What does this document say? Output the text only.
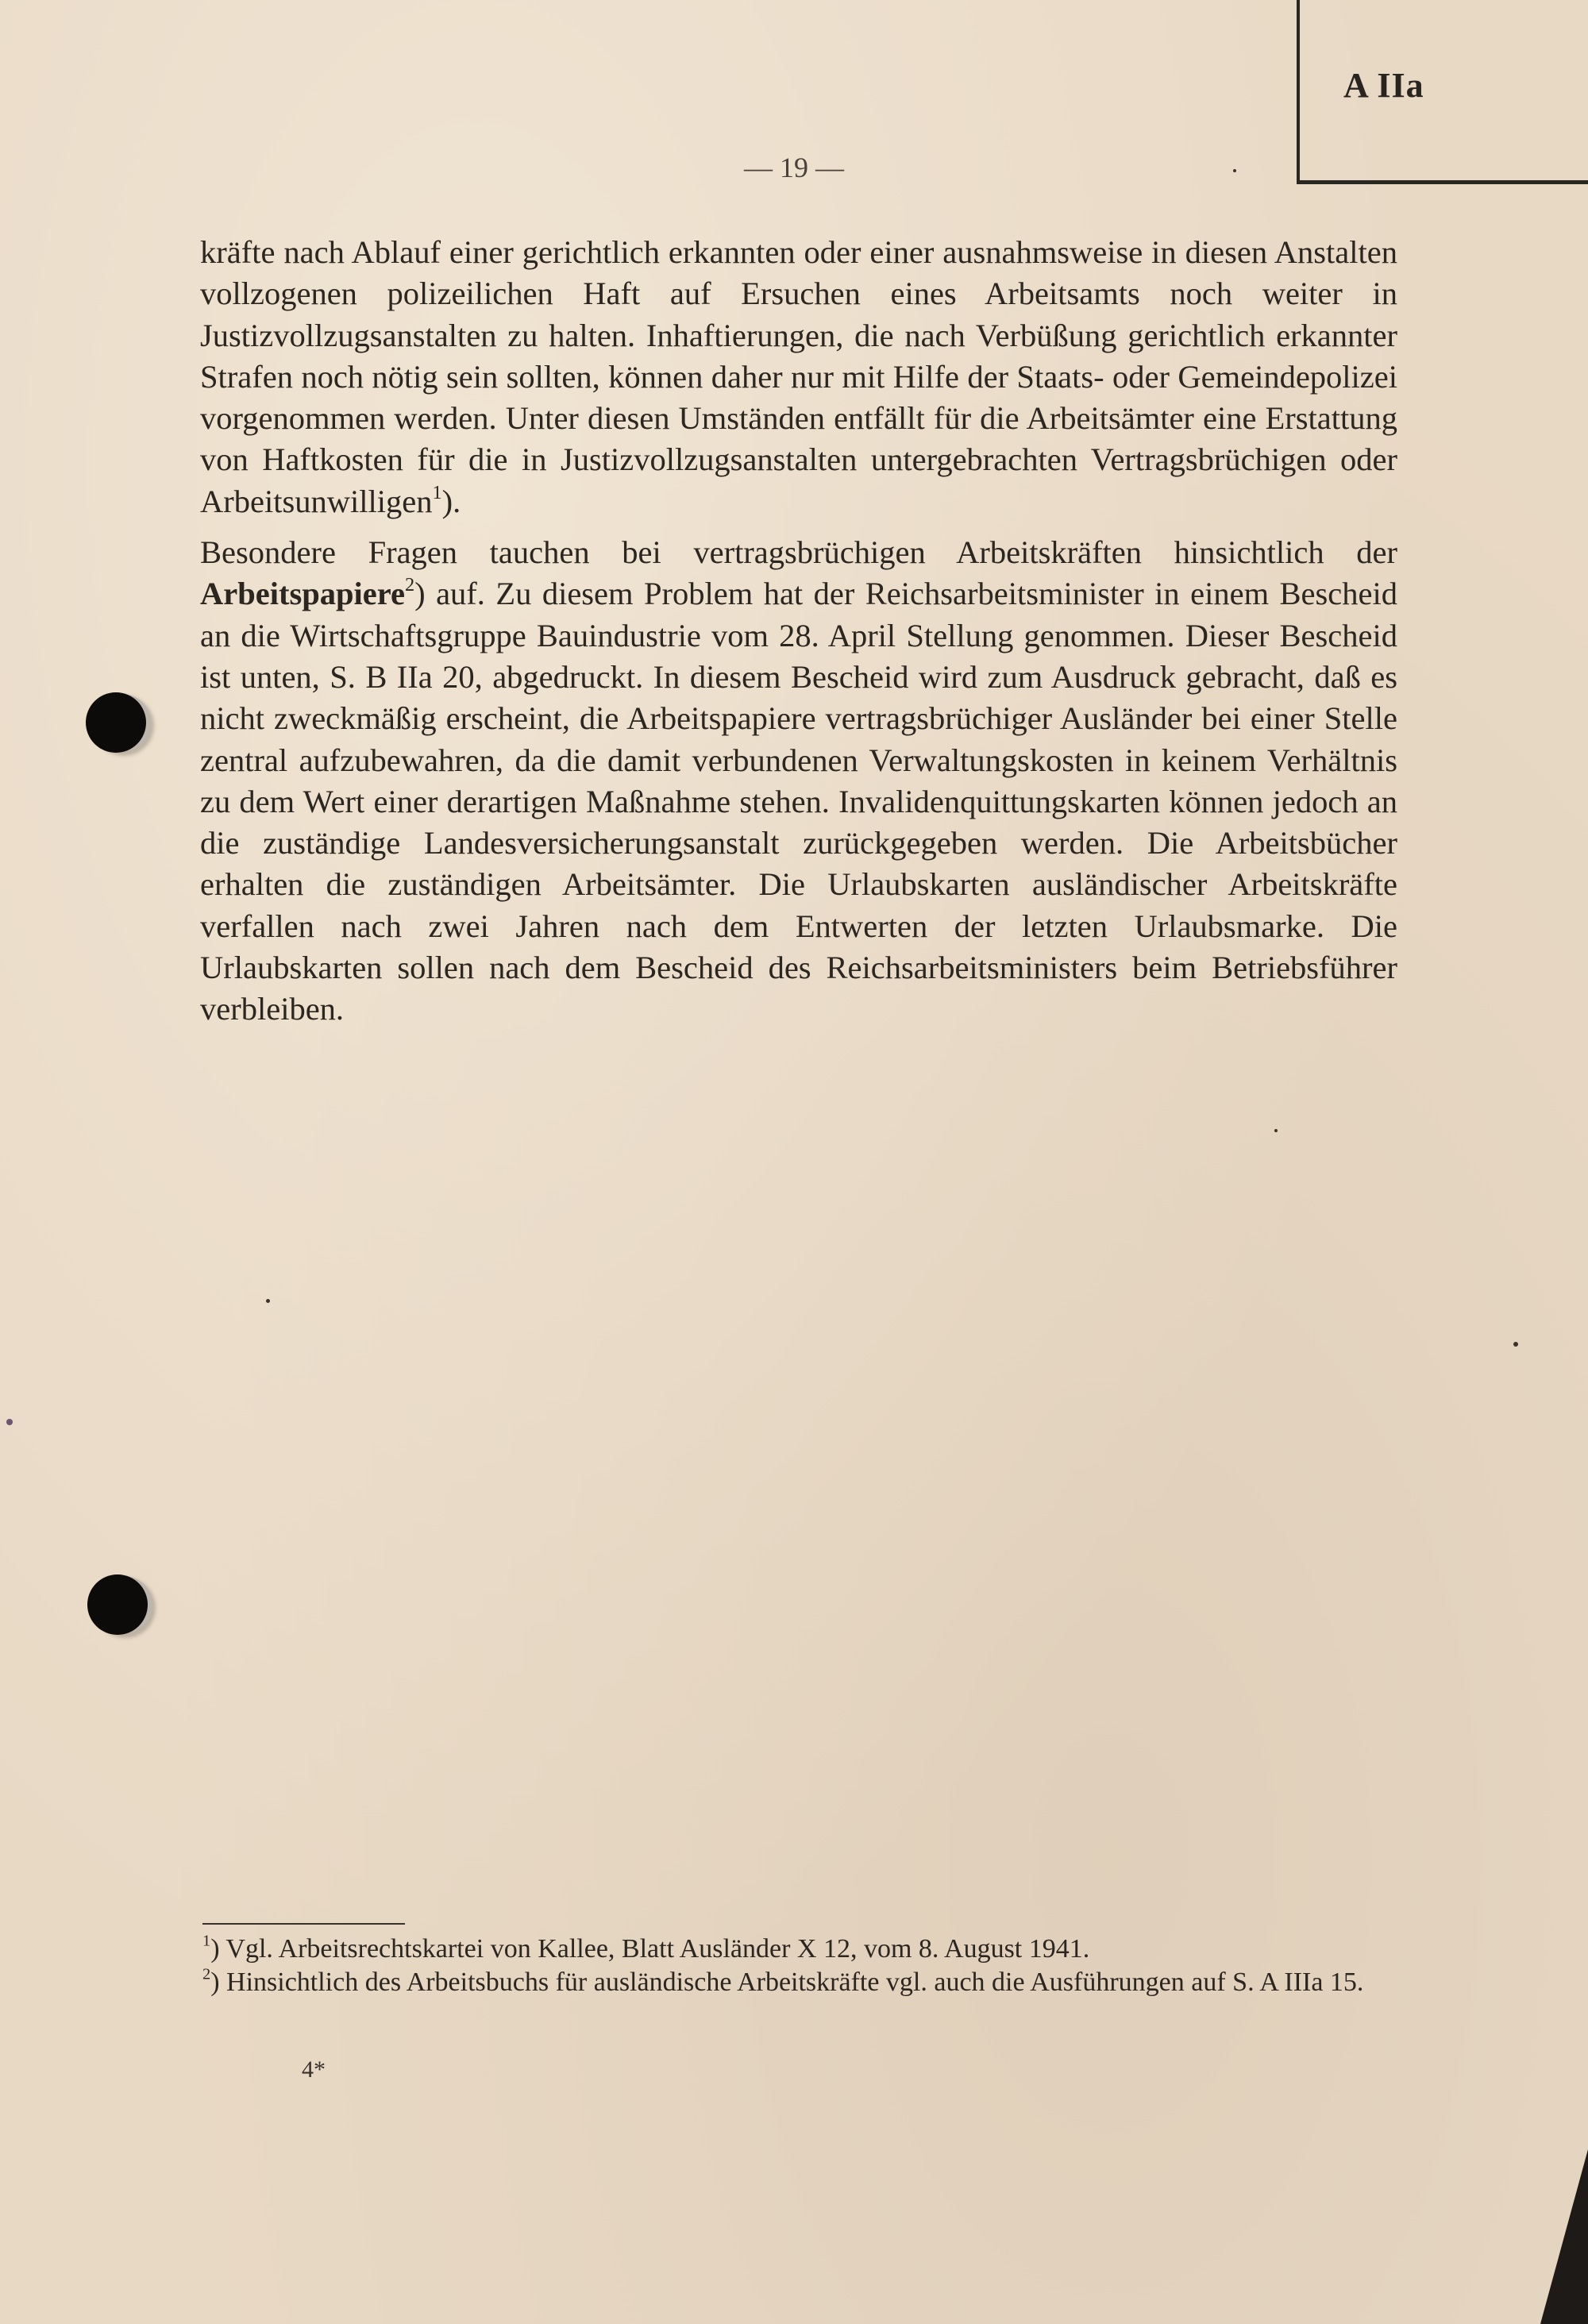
A IIa
— 19 —

kräfte nach Ablauf einer gerichtlich erkannten oder einer ausnahmsweise in diesen Anstalten vollzogenen polizeilichen Haft auf Ersuchen eines Arbeitsamts noch weiter in Justizvollzugsanstalten zu halten. Inhaftierungen, die nach Verbüßung gerichtlich erkannter Strafen noch nötig sein sollten, können daher nur mit Hilfe der Staats- oder Gemeindepolizei vorgenommen werden. Unter diesen Umständen entfällt für die Arbeitsämter eine Erstattung von Haftkosten für die in Justizvollzugsanstalten untergebrachten Vertragsbrüchigen oder Arbeitsunwilligen$^1$).

Besondere Fragen tauchen bei vertragsbrüchigen Arbeitskräften hinsichtlich der Arbeitspapiere$^2$) auf. Zu diesem Problem hat der Reichsarbeitsminister in einem Bescheid an die Wirtschaftsgruppe Bauindustrie vom 28. April Stellung genommen. Dieser Bescheid ist unten, S. B IIa 20, abgedruckt. In diesem Bescheid wird zum Ausdruck gebracht, daß es nicht zweckmäßig erscheint, die Arbeitspapiere vertragsbrüchiger Ausländer bei einer Stelle zentral aufzubewahren, da die damit verbundenen Verwaltungskosten in keinem Verhältnis zu dem Wert einer derartigen Maßnahme stehen. Invalidenquittungskarten können jedoch an die zuständige Landesversicherungsanstalt zurückgegeben werden. Die Arbeitsbücher erhalten die zuständigen Arbeitsämter. Die Urlaubskarten ausländischer Arbeitskräfte verfallen nach zwei Jahren nach dem Entwerten der letzten Urlaubsmarke. Die Urlaubskarten sollen nach dem Bescheid des Reichsarbeitsministers beim Betriebsführer verbleiben.

$^1$) Vgl. Arbeitsrechtskartei von Kallee, Blatt Ausländer X 12, vom 8. August 1941.

$^2$) Hinsichtlich des Arbeitsbuchs für ausländische Arbeitskräfte vgl. auch die Ausführungen auf S. A IIIa 15.

4*
